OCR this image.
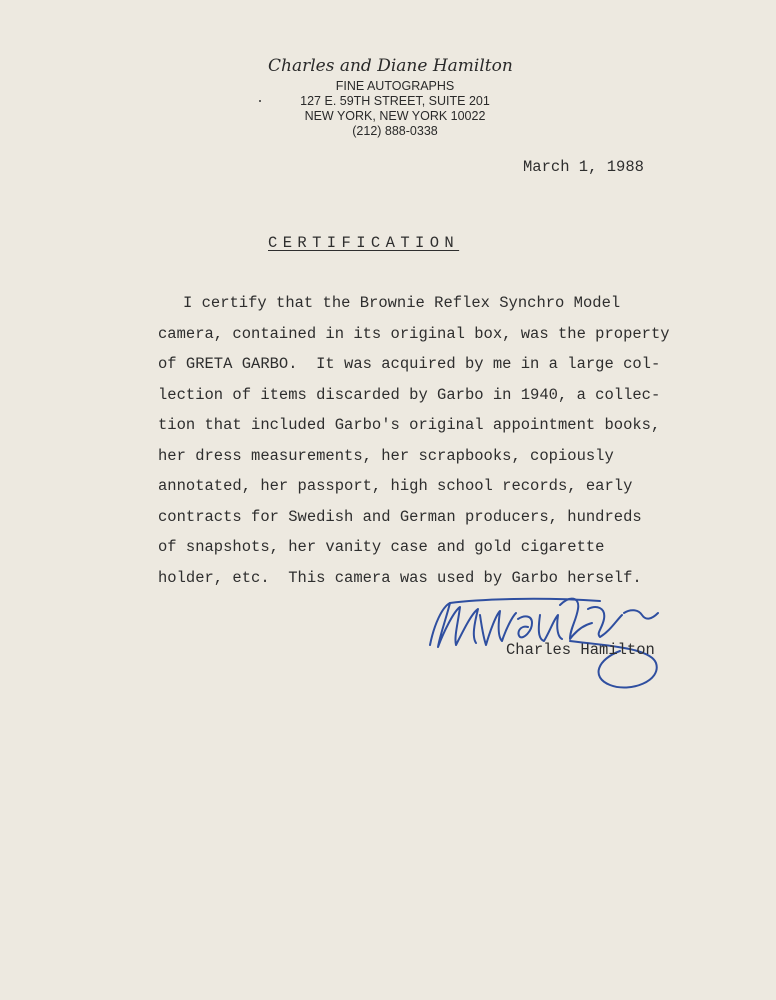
Charles and Diane Hamilton
FINE AUTOGRAPHS
127 E. 59TH STREET, SUITE 201
NEW YORK, NEW YORK 10022
(212) 888-0338
March 1, 1988
CERTIFICATION
I certify that the Brownie Reflex Synchro Model
camera, contained in its original box, was the property
of GRETA GARBO.  It was acquired by me in a large col-
lection of items discarded by Garbo in 1940, a collec-
tion that included Garbo's original appointment books,
her dress measurements, her scrapbooks, copiously
annotated, her passport, high school records, early
contracts for Swedish and German producers, hundreds
of snapshots, her vanity case and gold cigarette
holder, etc.  This camera was used by Garbo herself.
Charles Hamilton
